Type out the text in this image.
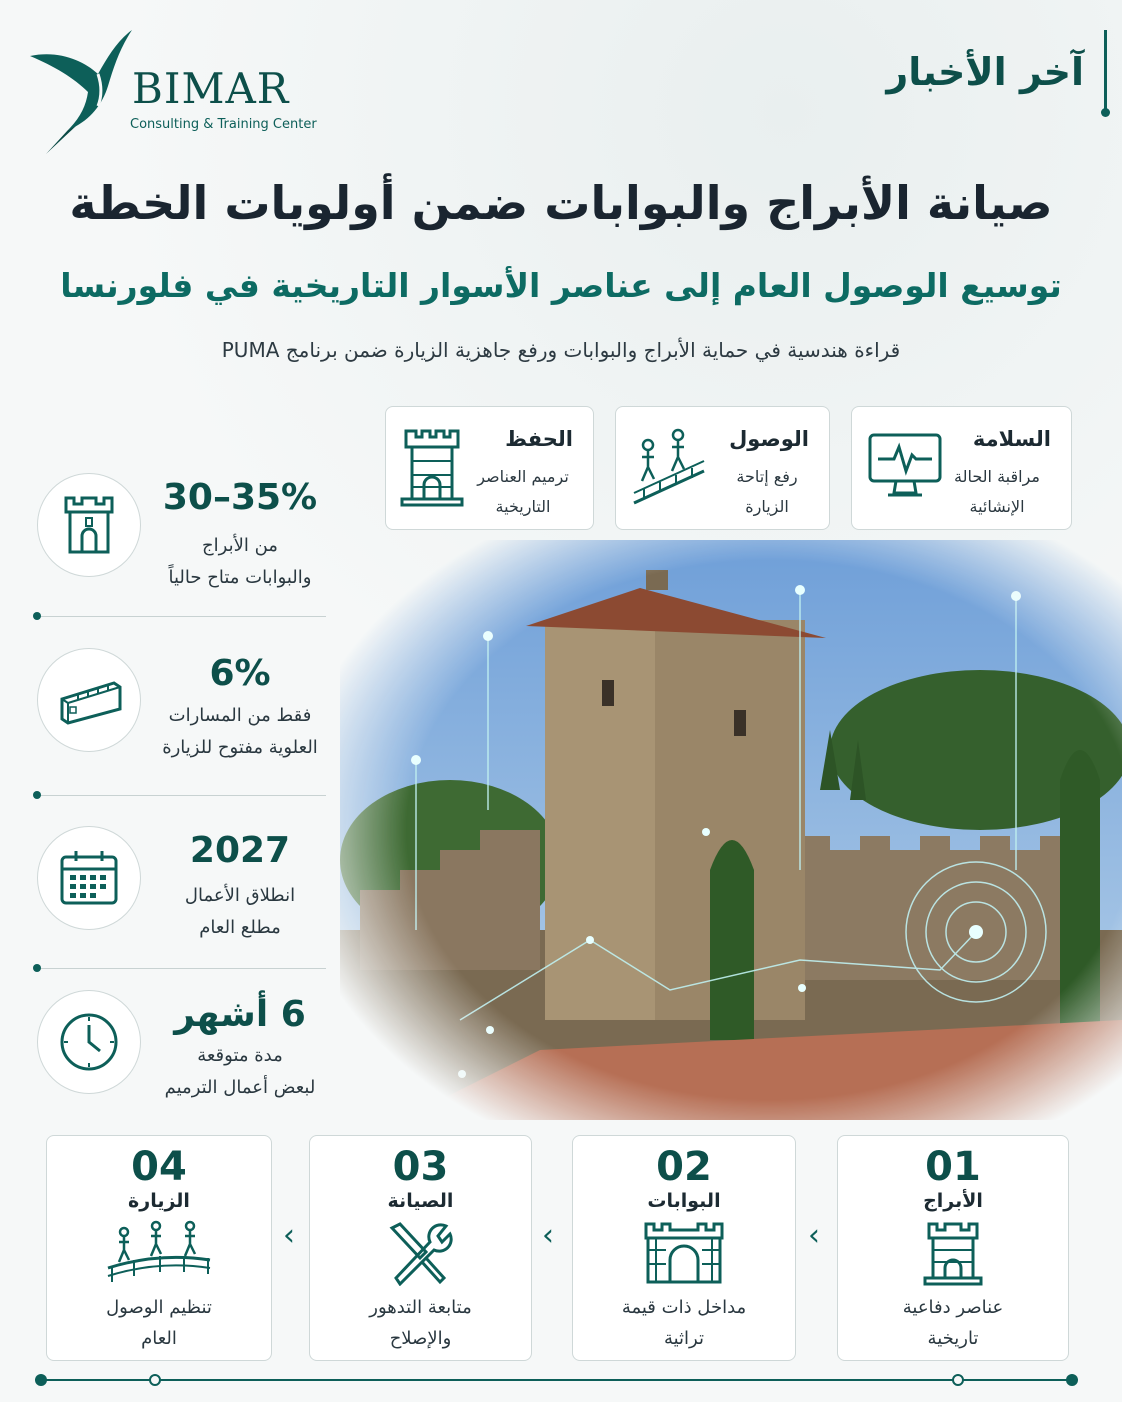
BIMAR
Consulting & Training Center
آخر الأخبار
صيانة الأبراج والبوابات ضمن أولويات الخطة
توسيع الوصول العام إلى عناصر الأسوار التاريخية في فلورنسا
قراءة هندسية في حماية الأبراج والبوابات ورفع جاهزية الزيارة ضمن برنامج PUMA
السلامة
مراقبة الحالة
الإنشائية
الوصول
رفع إتاحة
الزيارة
الحفظ
ترميم العناصر
التاريخية
30–35%
من الأبراج
والبوابات متاح حالياً
6%
فقط من المسارات
العلوية مفتوح للزيارة
2027
انطلاق الأعمال
مطلع العام
6 أشهر
مدة متوقعة
لبعض أعمال الترميم
01
الأبراج
عناصر دفاعية
تاريخية
‹
02
البوابات
مداخل ذات قيمة
تراثية
‹
03
الصيانة
متابعة التدهور
والإصلاح
‹
04
الزيارة
تنظيم الوصول
العام
